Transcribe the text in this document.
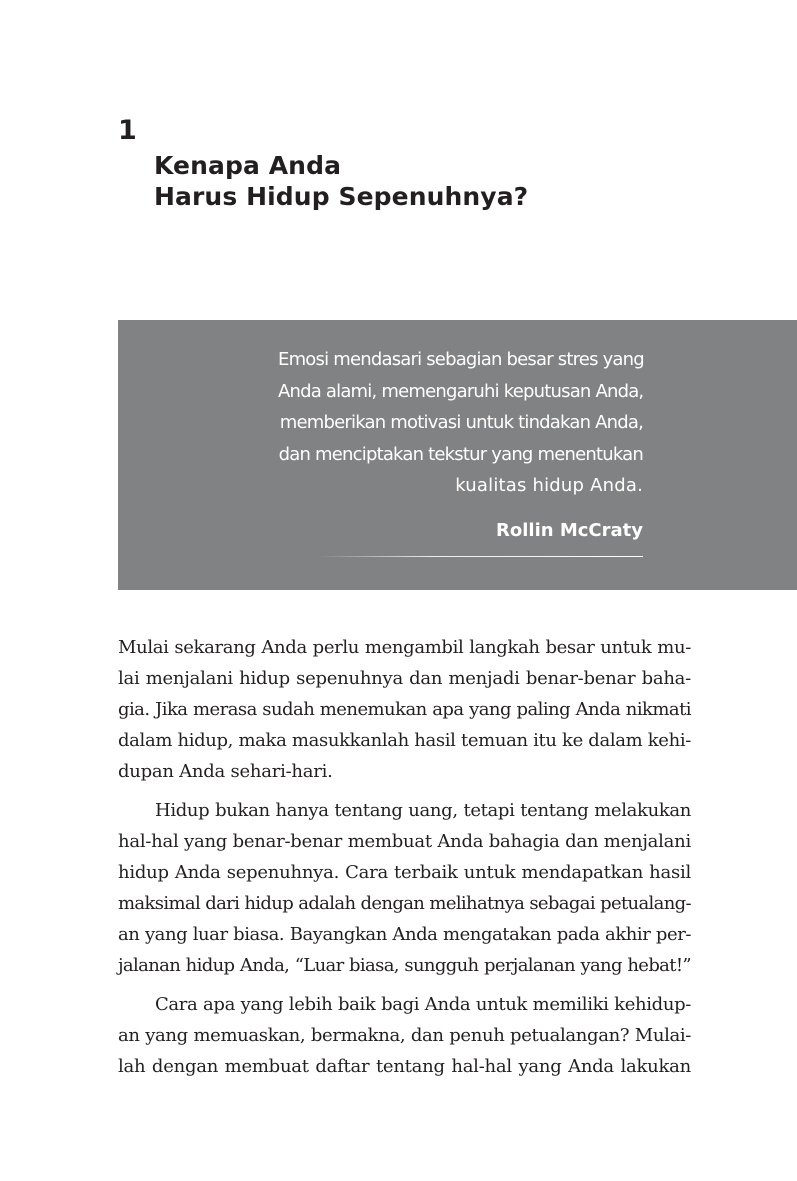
1
Kenapa Anda
Harus Hidup Sepenuhnya?
Emosi mendasari sebagian besar stres yang
Anda alami, memengaruhi keputusan Anda,
memberikan motivasi untuk tindakan Anda,
dan menciptakan tekstur yang menentukan
kualitas hidup Anda.
Rollin McCraty

Mulai sekarang Anda perlu mengambil langkah besar untuk mu-
lai menjalani hidup sepenuhnya dan menjadi benar-benar baha-
gia. Jika merasa sudah menemukan apa yang paling Anda nikmati
dalam hidup, maka masukkanlah hasil temuan itu ke dalam kehi-
dupan Anda sehari-hari.

Hidup bukan hanya tentang uang, tetapi tentang melakukan
hal-hal yang benar-benar membuat Anda bahagia dan menjalani
hidup Anda sepenuhnya. Cara terbaik untuk mendapatkan hasil
maksimal dari hidup adalah dengan melihatnya sebagai petualang-
an yang luar biasa. Bayangkan Anda mengatakan pada akhir per-
jalanan hidup Anda, “Luar biasa, sungguh perjalanan yang hebat!”

Cara apa yang lebih baik bagi Anda untuk memiliki kehidup-
an yang memuaskan, bermakna, dan penuh petualangan? Mulai-
lah dengan membuat daftar tentang hal-hal yang Anda lakukan
